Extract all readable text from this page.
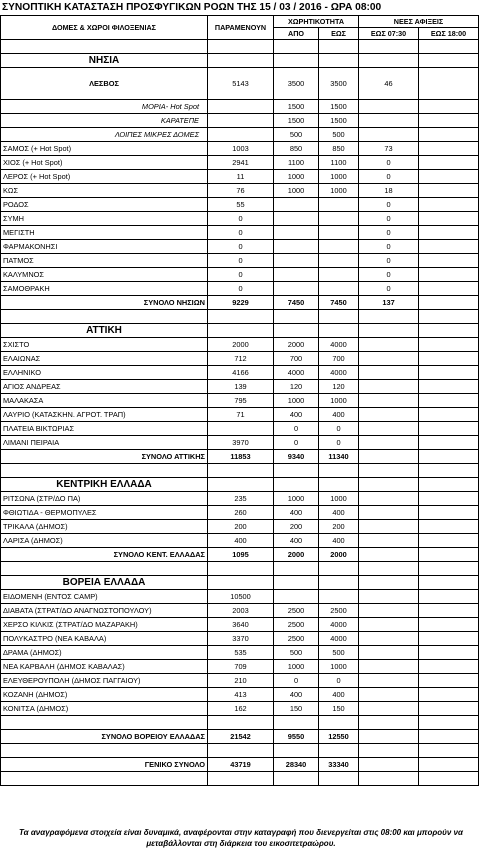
ΣΥΝΟΠΤΙΚΗ ΚΑΤΑΣΤΑΣΗ ΠΡΟΣΦΥΓΙΚΩΝ ΡΟΩΝ ΤΗΣ 15 / 03 / 2016 - ΩΡΑ 08:00
ΔΟΜΕΣ & ΧΩΡΟΙ ΦΙΛΟΞΕΝΙΑΣ	ΠΑΡΑΜΕΝΟΥΝ	ΧΩΡΗΤΙΚΟΤΗΤΑ		ΝΕΕΣ ΑΦΙΞΕΙΣ	
		ΑΠΟ	ΕΩΣ	ΕΩΣ 07:30	ΕΩΣ 18:00

ΝΗΣΙΑ					
ΛΕΣΒΟΣ	5143	3500	3500	46	
ΜΟΡΙΑ- Hot Spot		1500	1500		
ΚΑΡΑΤΕΠΕ		1500	1500		
ΛΟΙΠΕΣ ΜΙΚΡΕΣ ΔΟΜΕΣ		500	500		
ΣΑΜΟΣ (+ Hot Spot)	1003	850	850	73	
ΧΙΟΣ (+ Hot Spot)	2941	1100	1100	0	
ΛΕΡΟΣ (+ Hot Spot)	11	1000	1000	0	
ΚΩΣ	76	1000	1000	18	
ΡΟΔΟΣ	55			0	
ΣΥΜΗ	0			0	
ΜΕΓΙΣΤΗ	0			0	
ΦΑΡΜΑΚΟΝΗΣΙ	0			0	
ΠΑΤΜΟΣ	0			0	
ΚΑΛΥΜΝΟΣ	0			0	
ΣΑΜΟΘΡΑΚΗ	0			0	
ΣΥΝΟΛΟ ΝΗΣΙΩΝ	9229	7450	7450	137	

ΑΤΤΙΚΗ					
ΣΧΙΣΤΟ	2000	2000	4000		
ΕΛΑΙΩΝΑΣ	712	700	700		
ΕΛΛΗΝΙΚΟ	4166	4000	4000		
ΑΓΙΟΣ ΑΝΔΡΕΑΣ	139	120	120		
ΜΑΛΑΚΑΣΑ	795	1000	1000		
ΛΑΥΡΙΟ (ΚΑΤΑΣΚΗΝ. ΑΓΡΟΤ. ΤΡΑΠ)	71	400	400		
ΠΛΑΤΕΙΑ ΒΙΚΤΩΡΙΑΣ		0	0		
ΛΙΜΑΝΙ ΠΕΙΡΑΙΑ	3970	0	0		
ΣΥΝΟΛΟ ΑΤΤΙΚΗΣ	11853	9340	11340		

ΚΕΝΤΡΙΚΗ ΕΛΛΑΔΑ					
ΡΙΤΣΩΝΑ (ΣΤΡ/ΔΟ ΠΑ)	235	1000	1000		
ΦΘΙΩΤΙΔΑ - ΘΕΡΜΟΠΥΛΕΣ	260	400	400		
ΤΡΙΚΑΛΑ (ΔΗΜΟΣ)	200	200	200		
ΛΑΡΙΣΑ (ΔΗΜΟΣ)	400	400	400		
ΣΥΝΟΛΟ ΚΕΝΤ. ΕΛΛΑΔΑΣ	1095	2000	2000		

ΒΟΡΕΙΑ ΕΛΛΑΔΑ					
ΕΙΔΟΜΕΝΗ (ΕΝΤΟΣ CAMP)	10500				
ΔΙΑΒΑΤΑ (ΣΤΡΑΤ/ΔΟ ΑΝΑΓΝΩΣΤΟΠΟΥΛΟΥ)	2003	2500	2500		
ΧΕΡΣΟ ΚΙΛΚΙΣ (ΣΤΡΑΤ/ΔΟ ΜΑΖΑΡΑΚΗ)	3640	2500	4000		
ΠΟΛΥΚΑΣΤΡΟ (ΝΕΑ ΚΑΒΑΛΑ)	3370	2500	4000		
ΔΡΑΜΑ (ΔΗΜΟΣ)	535	500	500		
ΝΕΑ ΚΑΡΒΑΛΗ (ΔΗΜΟΣ ΚΑΒΑΛΑΣ)	709	1000	1000		
ΕΛΕΥΘΕΡΟΥΠΟΛΗ (ΔΗΜΟΣ ΠΑΓΓΑΙΟΥ)	210	0	0		
ΚΟΖΑΝΗ (ΔΗΜΟΣ)	413	400	400		
ΚΟΝΙΤΣΑ (ΔΗΜΟΣ)	162	150	150		

ΣΥΝΟΛΟ ΒΟΡΕΙΟΥ ΕΛΛΑΔΑΣ	21542	9550	12550		

ΓΕΝΙΚΟ ΣΥΝΟΛΟ	43719	28340	33340		

Τα αναγραφόμενα στοιχεία είναι δυναμικά, αναφέρονται στην καταγραφή που διενεργείται στις 08:00 και μπορούν να μεταβάλλονται στη διάρκεια του εικοσιτετραώρου.
